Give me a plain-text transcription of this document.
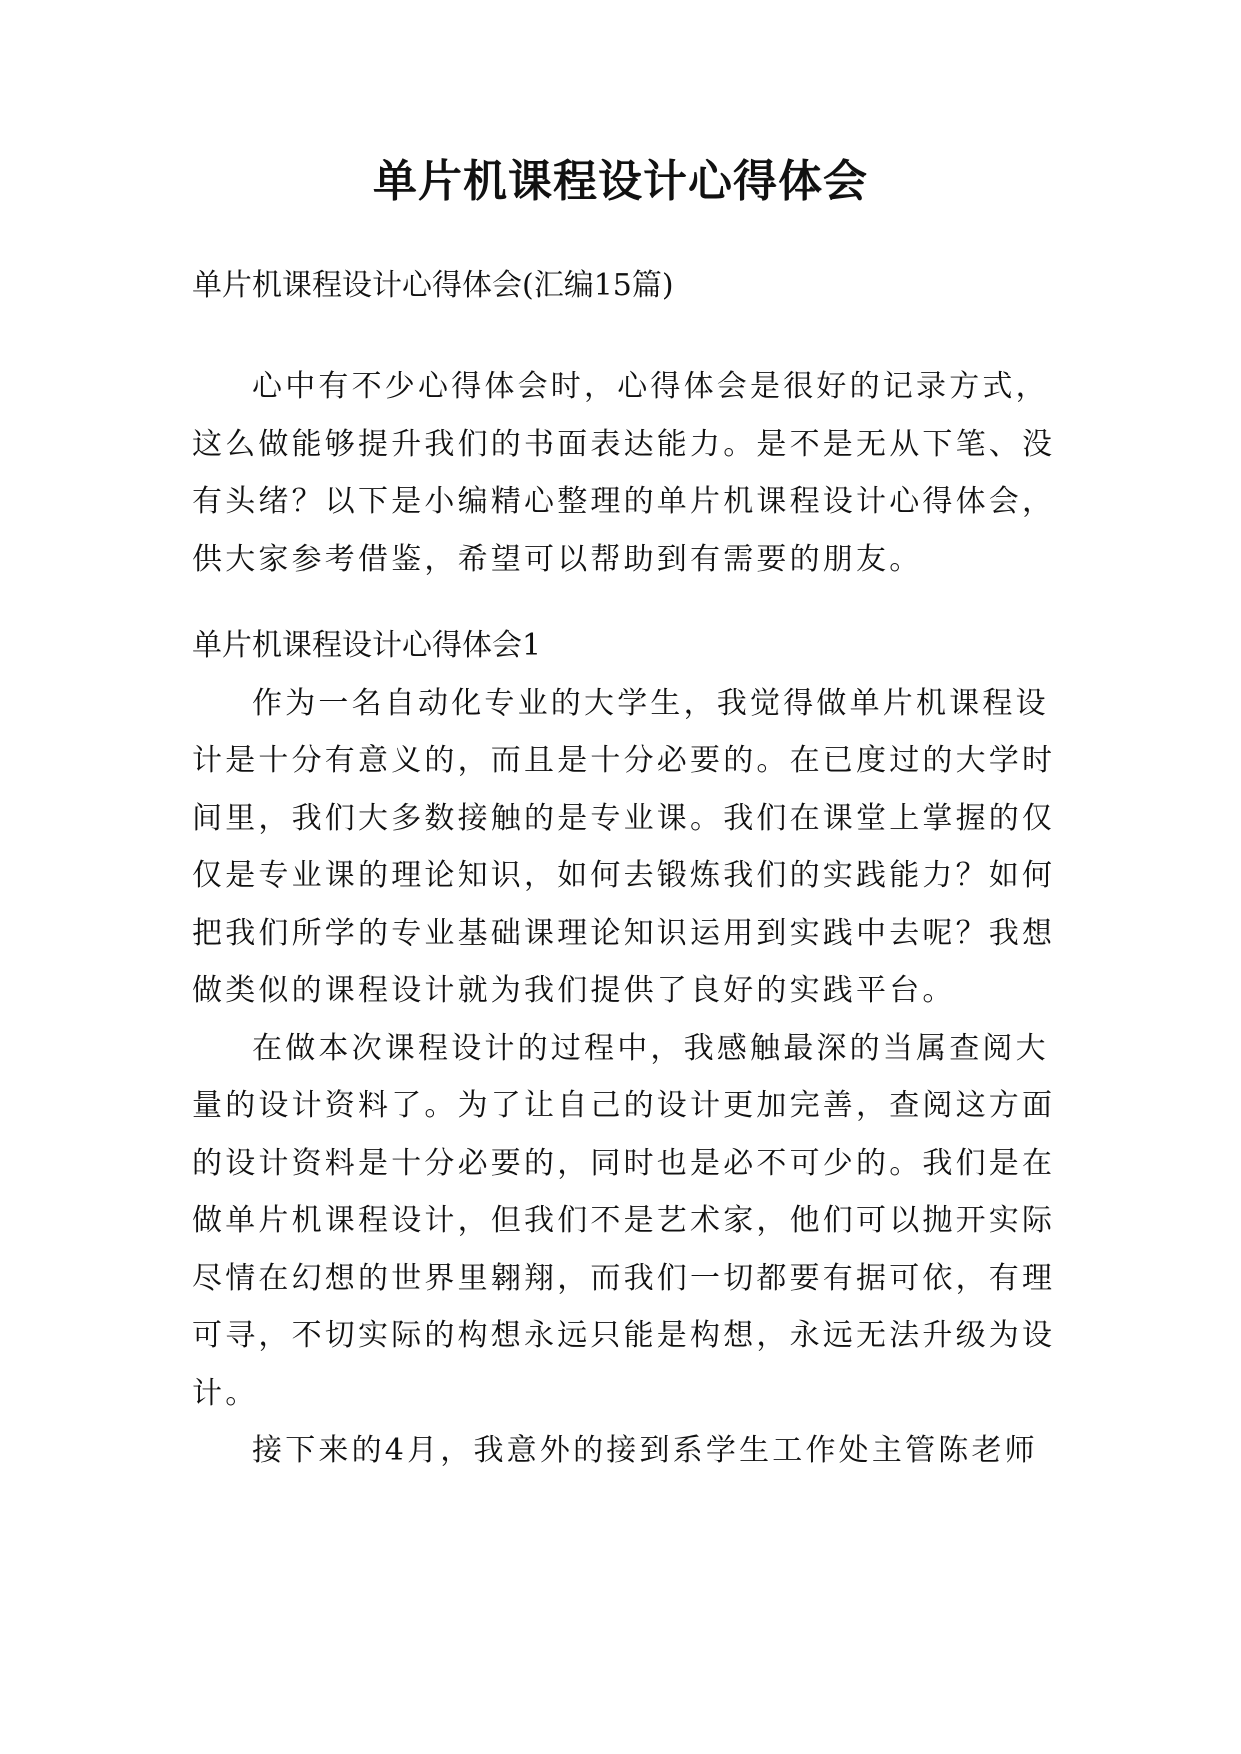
单片机课程设计心得体会

单片机课程设计心得体会(汇编15篇)

心中有不少心得体会时，心得体会是很好的记录方式，这么做能够提升我们的书面表达能力。是不是无从下笔、没有头绪？以下是小编精心整理的单片机课程设计心得体会，供大家参考借鉴，希望可以帮助到有需要的朋友。

单片机课程设计心得体会1

作为一名自动化专业的大学生，我觉得做单片机课程设计是十分有意义的，而且是十分必要的。在已度过的大学时间里，我们大多数接触的是专业课。我们在课堂上掌握的仅仅是专业课的理论知识，如何去锻炼我们的实践能力？如何把我们所学的专业基础课理论知识运用到实践中去呢？我想做类似的课程设计就为我们提供了良好的实践平台。

在做本次课程设计的过程中，我感触最深的当属查阅大量的设计资料了。为了让自己的设计更加完善，查阅这方面的设计资料是十分必要的，同时也是必不可少的。我们是在做单片机课程设计，但我们不是艺术家，他们可以抛开实际尽情在幻想的世界里翱翔，而我们一切都要有据可依，有理可寻，不切实际的构想永远只能是构想，永远无法升级为设计。

接下来的4月，我意外的接到系学生工作处主管陈老师
